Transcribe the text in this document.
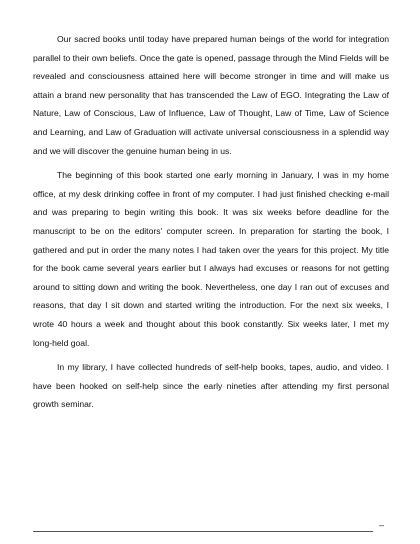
Our sacred books until today have prepared human beings of the world for integration parallel to their own beliefs. Once the gate is opened, passage through the Mind Fields will be revealed and consciousness attained here will become stronger in time and will make us attain a brand new personality that has transcended the Law of EGO. Integrating the Law of Nature, Law of Conscious, Law of Influence, Law of Thought, Law of Time, Law of Science and Learning, and Law of Graduation will activate universal consciousness in a splendid way and we will discover the genuine human being in us.

The beginning of this book started one early morning in January, I was in my home office, at my desk drinking coffee in front of my computer. I had just finished checking e-mail and was preparing to begin writing this book. It was six weeks before deadline for the manuscript to be on the editors' computer screen. In preparation for starting the book, I gathered and put in order the many notes I had taken over the years for this project. My title for the book came several years earlier but I always had excuses or reasons for not getting around to sitting down and writing the book. Nevertheless, one day I ran out of excuses and reasons, that day I sit down and started writing the introduction. For the next six weeks, I wrote 40 hours a week and thought about this book constantly. Six weeks later, I met my long-held goal.

In my library, I have collected hundreds of self-help books, tapes, audio, and video. I have been hooked on self-help since the early nineties after attending my first personal growth seminar.

–
